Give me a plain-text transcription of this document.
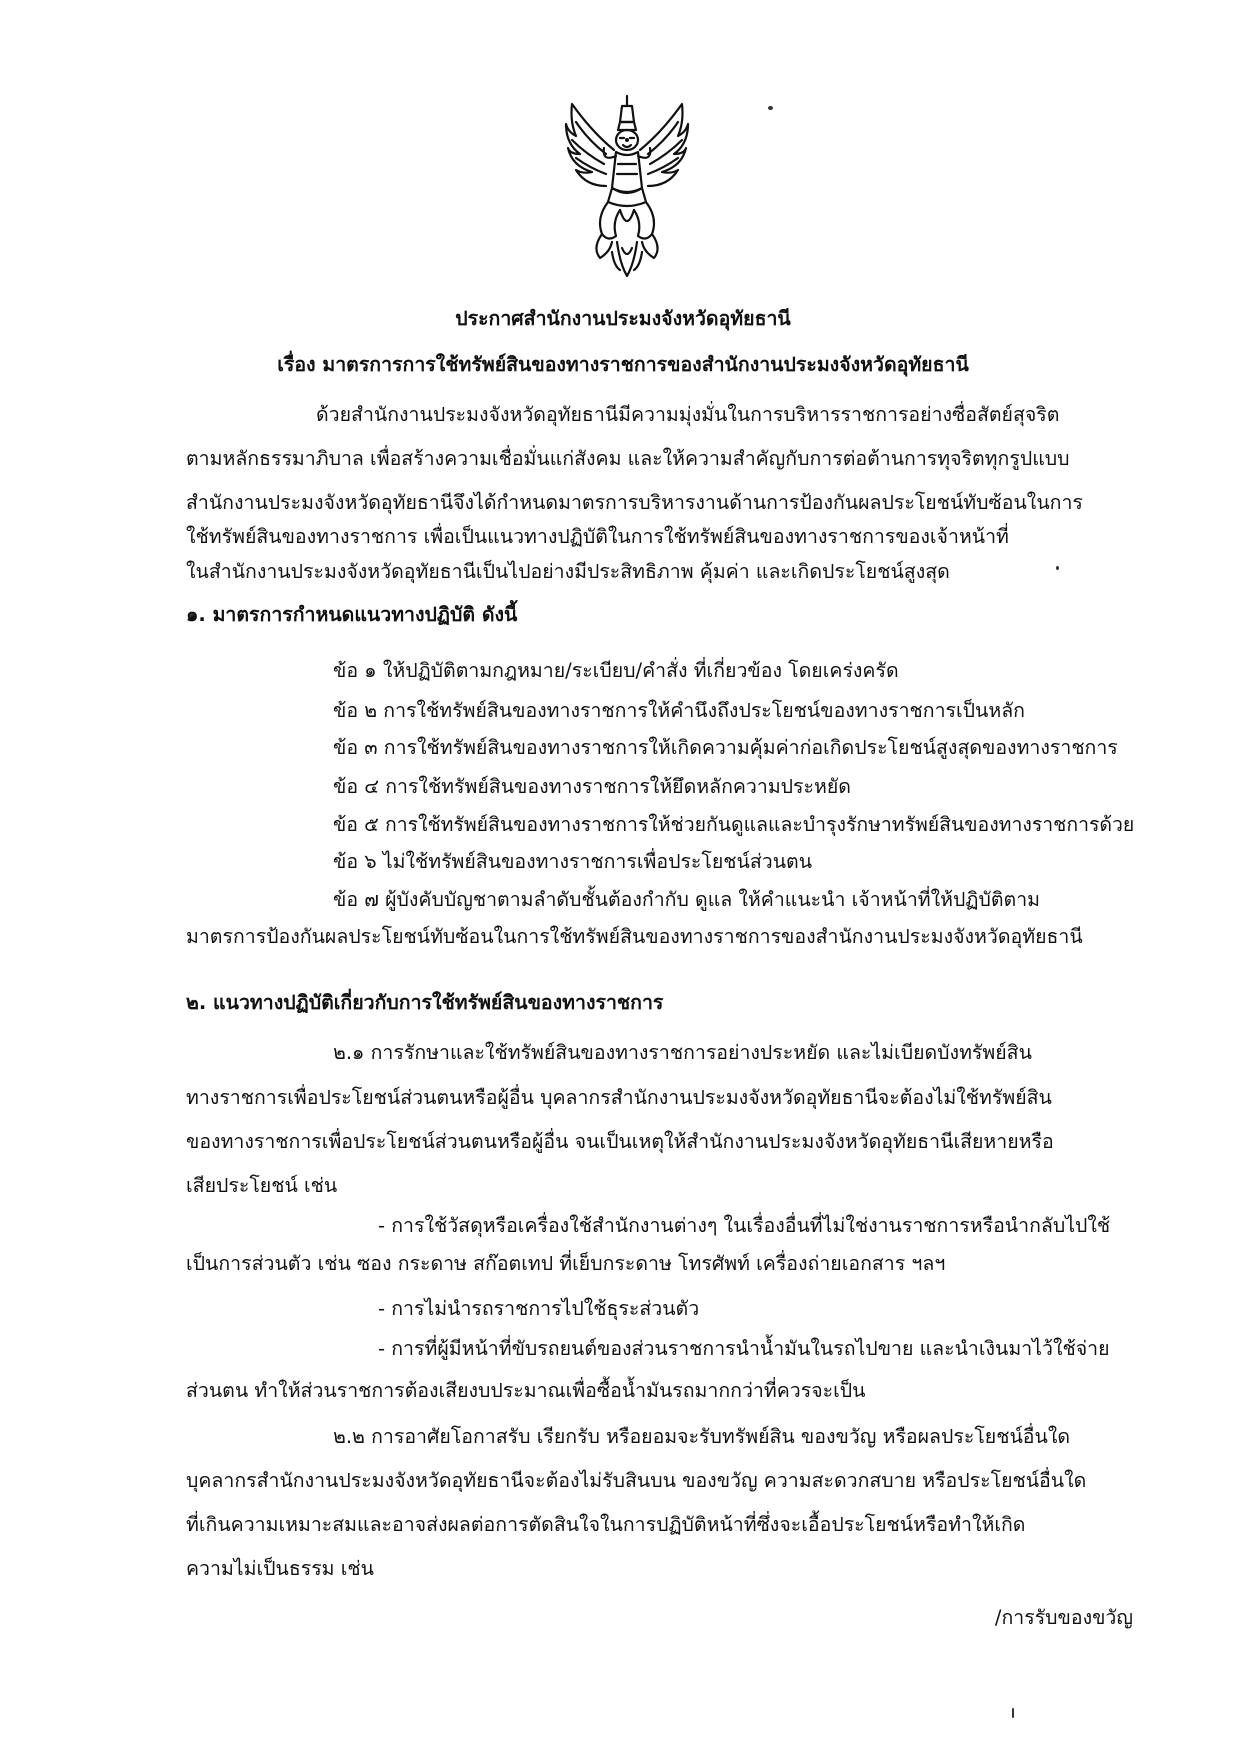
ประกาศสำนักงานประมงจังหวัดอุทัยธานี
เรื่อง มาตรการการใช้ทรัพย์สินของทางราชการของสำนักงานประมงจังหวัดอุทัยธานี
ด้วยสำนักงานประมงจังหวัดอุทัยธานีมีความมุ่งมั่นในการบริหารราชการอย่างซื่อสัตย์สุจริต
ตามหลักธรรมาภิบาล เพื่อสร้างความเชื่อมั่นแก่สังคม และให้ความสำคัญกับการต่อต้านการทุจริตทุกรูปแบบ
สำนักงานประมงจังหวัดอุทัยธานีจึงได้กำหนดมาตรการบริหารงานด้านการป้องกันผลประโยชน์ทับซ้อนในการ
ใช้ทรัพย์สินของทางราชการ เพื่อเป็นแนวทางปฏิบัติในการใช้ทรัพย์สินของทางราชการของเจ้าหน้าที่
ในสำนักงานประมงจังหวัดอุทัยธานีเป็นไปอย่างมีประสิทธิภาพ คุ้มค่า และเกิดประโยชน์สูงสุด
๑. มาตรการกำหนดแนวทางปฏิบัติ ดังนี้
ข้อ ๑ ให้ปฏิบัติตามกฎหมาย/ระเบียบ/คำสั่ง ที่เกี่ยวข้อง โดยเคร่งครัด
ข้อ ๒ การใช้ทรัพย์สินของทางราชการให้คำนึงถึงประโยชน์ของทางราชการเป็นหลัก
ข้อ ๓ การใช้ทรัพย์สินของทางราชการให้เกิดความคุ้มค่าก่อเกิดประโยชน์สูงสุดของทางราชการ
ข้อ ๔ การใช้ทรัพย์สินของทางราชการให้ยึดหลักความประหยัด
ข้อ ๕ การใช้ทรัพย์สินของทางราชการให้ช่วยกันดูแลและบำรุงรักษาทรัพย์สินของทางราชการด้วย
ข้อ ๖ ไม่ใช้ทรัพย์สินของทางราชการเพื่อประโยชน์ส่วนตน
ข้อ ๗ ผู้บังคับบัญชาตามลำดับชั้นต้องกำกับ ดูแล ให้คำแนะนำ เจ้าหน้าที่ให้ปฏิบัติตาม
มาตรการป้องกันผลประโยชน์ทับซ้อนในการใช้ทรัพย์สินของทางราชการของสำนักงานประมงจังหวัดอุทัยธานี
๒. แนวทางปฏิบัติเกี่ยวกับการใช้ทรัพย์สินของทางราชการ
๒.๑ การรักษาและใช้ทรัพย์สินของทางราชการอย่างประหยัด และไม่เบียดบังทรัพย์สิน
ทางราชการเพื่อประโยชน์ส่วนตนหรือผู้อื่น บุคลากรสำนักงานประมงจังหวัดอุทัยธานีจะต้องไม่ใช้ทรัพย์สิน
ของทางราชการเพื่อประโยชน์ส่วนตนหรือผู้อื่น จนเป็นเหตุให้สำนักงานประมงจังหวัดอุทัยธานีเสียหายหรือ
เสียประโยชน์ เช่น
- การใช้วัสดุหรือเครื่องใช้สำนักงานต่างๆ ในเรื่องอื่นที่ไม่ใช่งานราชการหรือนำกลับไปใช้
เป็นการส่วนตัว เช่น ซอง กระดาษ สก๊อตเทป ที่เย็บกระดาษ โทรศัพท์ เครื่องถ่ายเอกสาร ฯลฯ
- การไม่นำรถราชการไปใช้ธุระส่วนตัว
- การที่ผู้มีหน้าที่ขับรถยนต์ของส่วนราชการนำน้ำมันในรถไปขาย และนำเงินมาไว้ใช้จ่าย
ส่วนตน ทำให้ส่วนราชการต้องเสียงบประมาณเพื่อซื้อน้ำมันรถมากกว่าที่ควรจะเป็น
๒.๒ การอาศัยโอกาสรับ เรียกรับ หรือยอมจะรับทรัพย์สิน ของขวัญ หรือผลประโยชน์อื่นใด
บุคลากรสำนักงานประมงจังหวัดอุทัยธานีจะต้องไม่รับสินบน ของขวัญ ความสะดวกสบาย หรือประโยชน์อื่นใด
ที่เกินความเหมาะสมและอาจส่งผลต่อการตัดสินใจในการปฏิบัติหน้าที่ซึ่งจะเอื้อประโยชน์หรือทำให้เกิด
ความไม่เป็นธรรม เช่น
/การรับของขวัญ
